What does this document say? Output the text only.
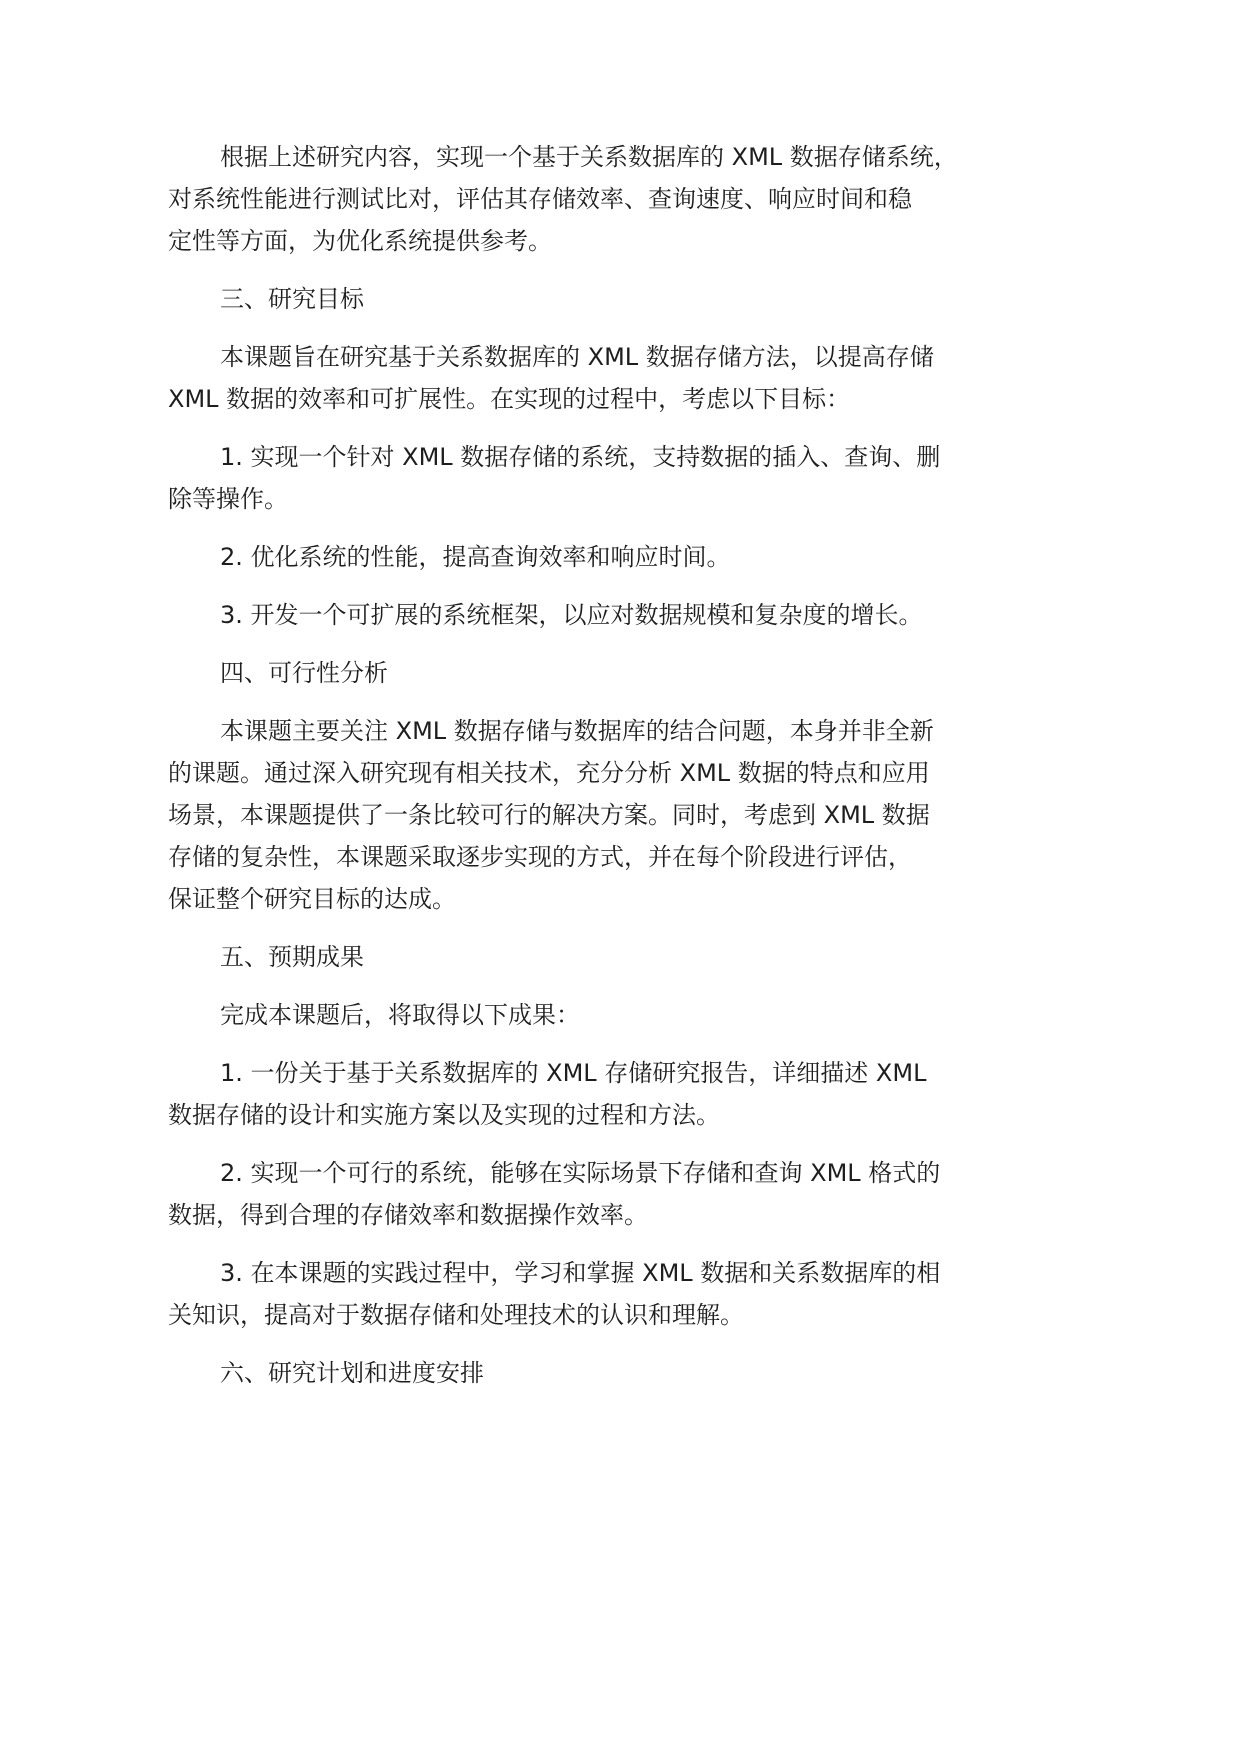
根据上述研究内容，实现一个基于关系数据库的 XML 数据存储系统，
对系统性能进行测试比对，评估其存储效率、查询速度、响应时间和稳
定性等方面，为优化系统提供参考。
三、研究目标
本课题旨在研究基于关系数据库的 XML 数据存储方法，以提高存储
XML 数据的效率和可扩展性。在实现的过程中，考虑以下目标：
1. 实现一个针对 XML 数据存储的系统，支持数据的插入、查询、删
除等操作。
2. 优化系统的性能，提高查询效率和响应时间。
3. 开发一个可扩展的系统框架，以应对数据规模和复杂度的增长。
四、可行性分析
本课题主要关注 XML 数据存储与数据库的结合问题，本身并非全新
的课题。通过深入研究现有相关技术，充分分析 XML 数据的特点和应用
场景，本课题提供了一条比较可行的解决方案。同时，考虑到 XML 数据
存储的复杂性，本课题采取逐步实现的方式，并在每个阶段进行评估，
保证整个研究目标的达成。
五、预期成果
完成本课题后，将取得以下成果：
1. 一份关于基于关系数据库的 XML 存储研究报告，详细描述 XML
数据存储的设计和实施方案以及实现的过程和方法。
2. 实现一个可行的系统，能够在实际场景下存储和查询 XML 格式的
数据，得到合理的存储效率和数据操作效率。
3. 在本课题的实践过程中，学习和掌握 XML 数据和关系数据库的相
关知识，提高对于数据存储和处理技术的认识和理解。
六、研究计划和进度安排
